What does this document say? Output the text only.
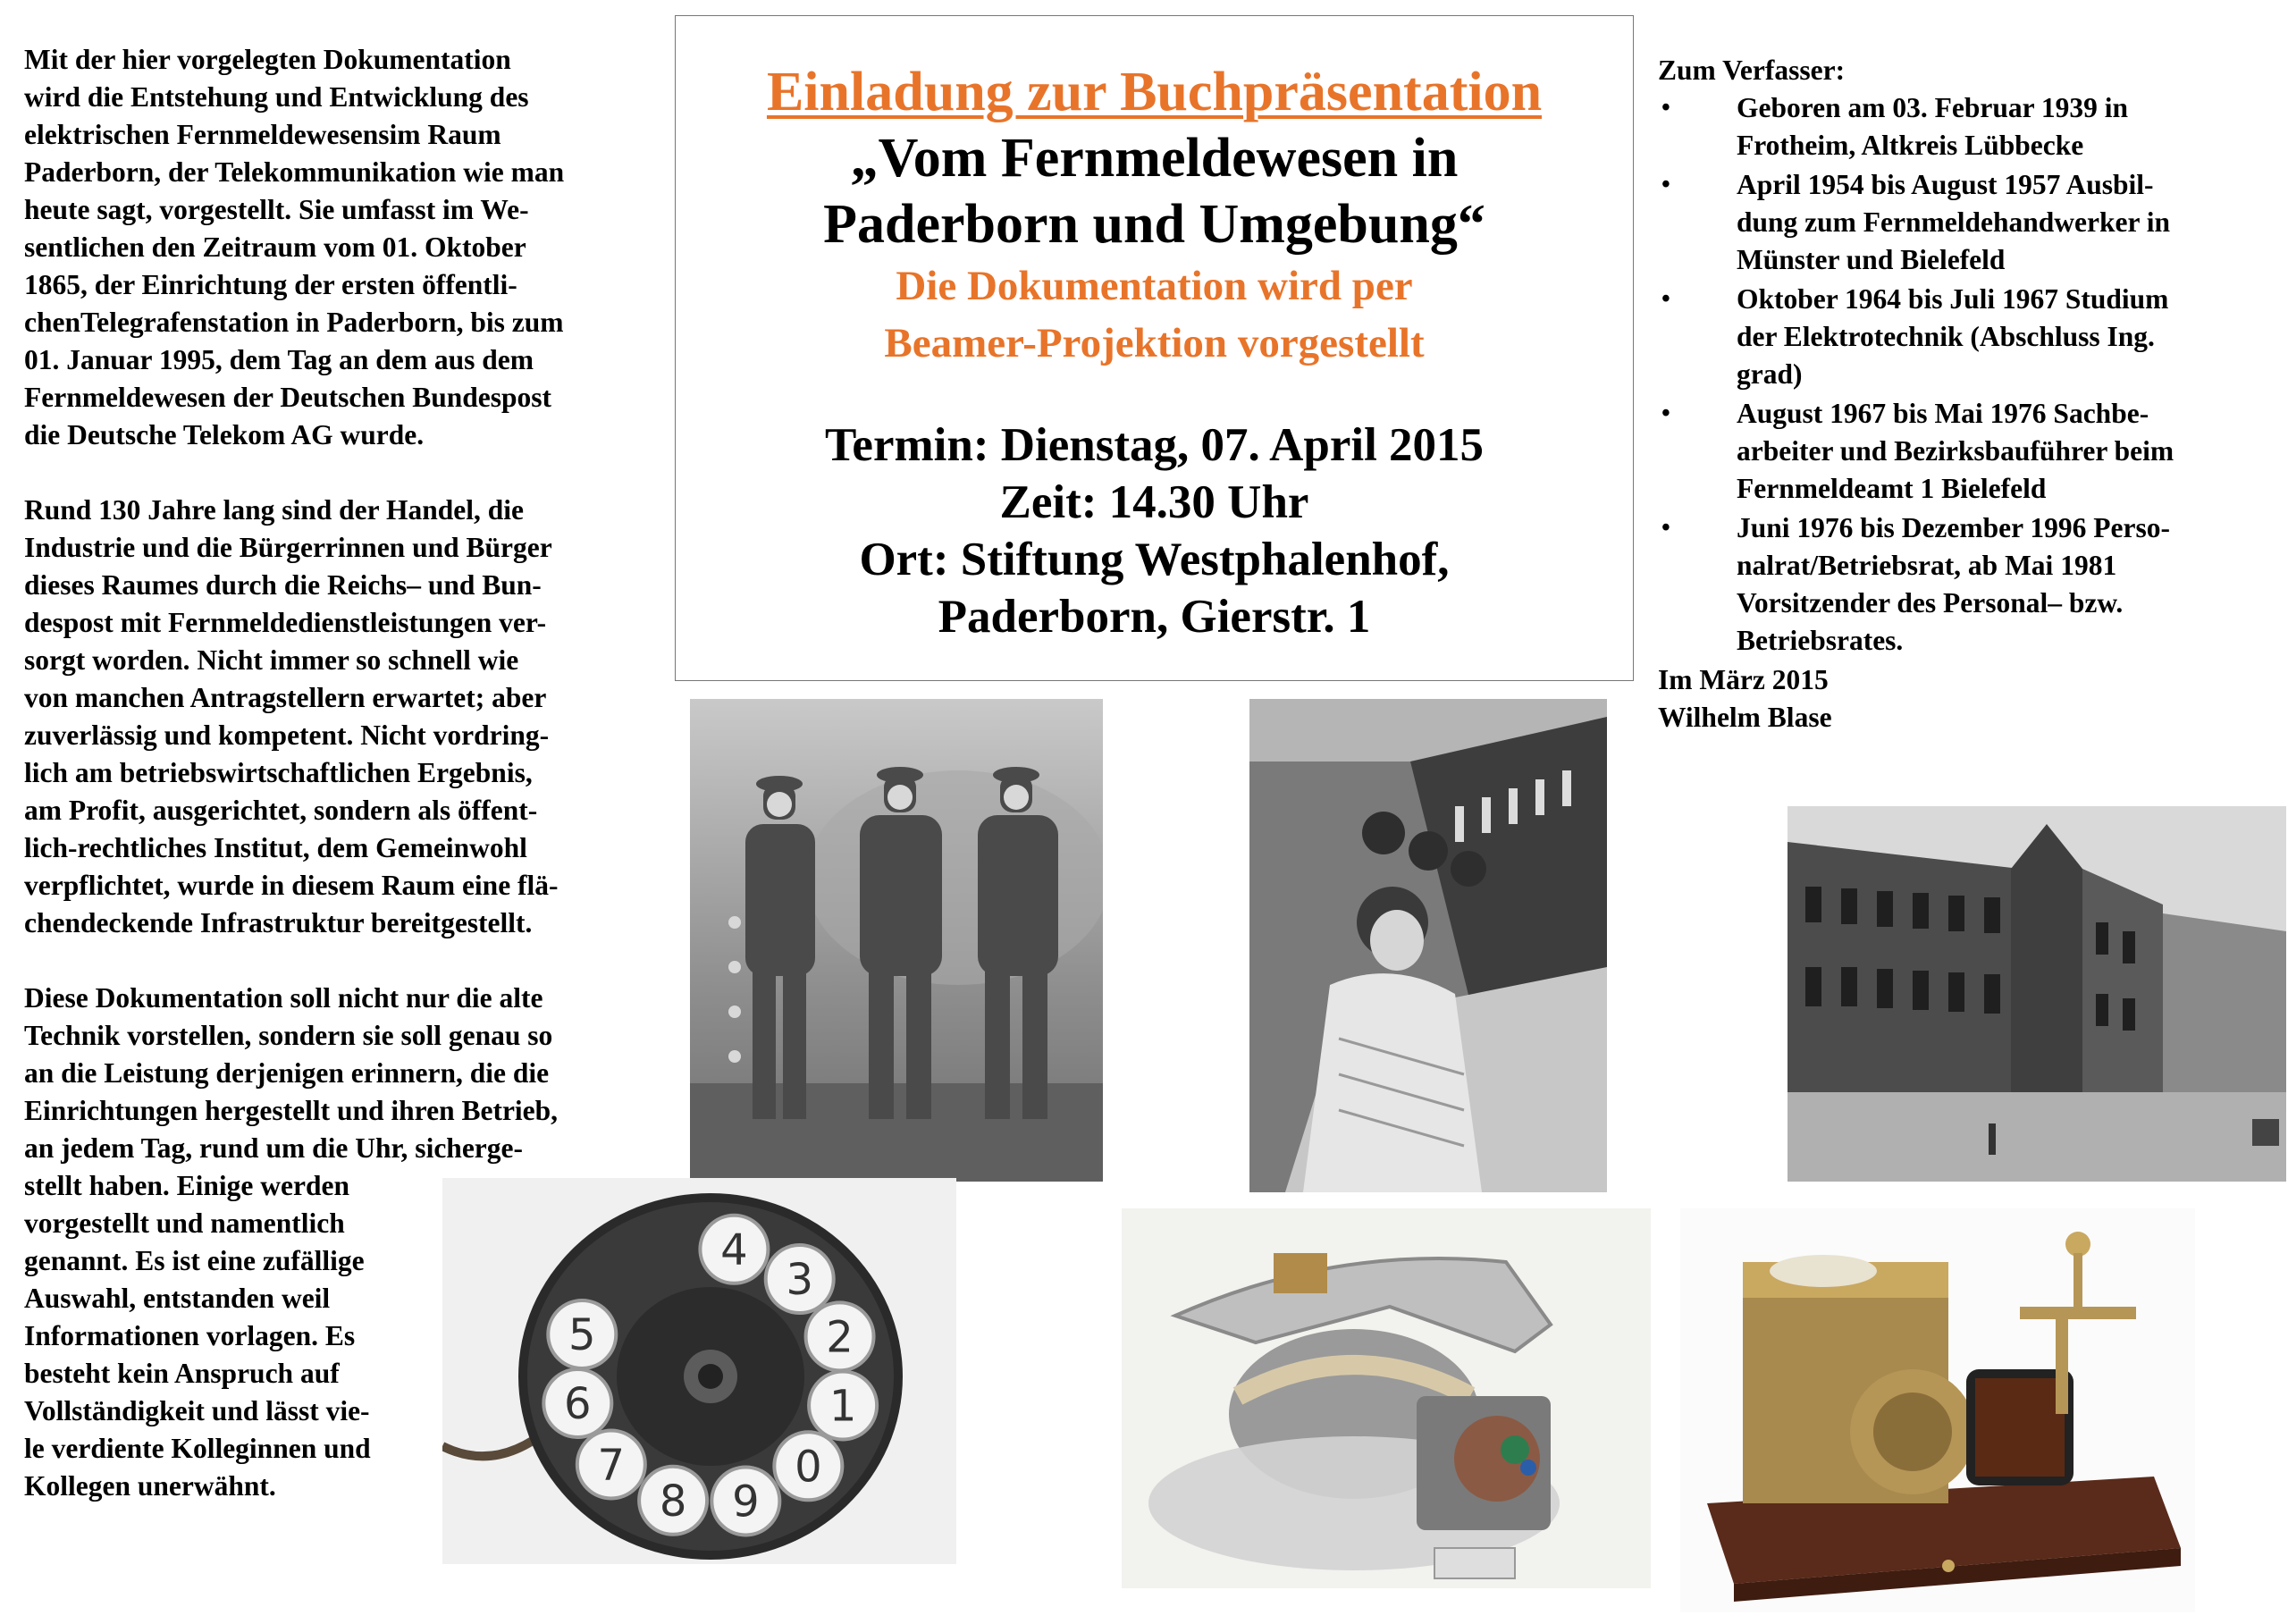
Mit der hier vorgelegten Dokumentation
wird die Entstehung und Entwicklung des
elektrischen Fernmeldewesensim Raum
Paderborn, der Telekommunikation wie man
heute sagt, vorgestellt. Sie umfasst im We-
sentlichen den Zeitraum vom 01. Oktober
1865, der Einrichtung der ersten öffentli-
chenTelegrafenstation in Paderborn, bis zum
01. Januar 1995, dem Tag an dem aus dem
Fernmeldewesen der Deutschen Bundespost
die Deutsche Telekom AG wurde.

Rund 130 Jahre lang sind der Handel, die
Industrie und die Bürgerrinnen und Bürger
dieses Raumes durch die Reichs– und Bun-
despost mit Fernmeldedienstleistungen ver-
sorgt worden. Nicht immer so schnell wie
von manchen Antragstellern erwartet; aber
zuverlässig und kompetent. Nicht vordring-
lich am betriebswirtschaftlichen Ergebnis,
am Profit, ausgerichtet, sondern als öffent-
lich-rechtliches Institut, dem Gemeinwohl
verpflichtet, wurde in diesem Raum eine flä-
chendeckende Infrastruktur bereitgestellt.

Diese Dokumentation soll nicht nur die alte
Technik vorstellen, sondern sie soll genau so
an die Leistung derjenigen erinnern, die die
Einrichtungen hergestellt und ihren Betrieb,
an jedem Tag, rund um die Uhr, sicherge-
stellt haben. Einige werden
vorgestellt und namentlich
genannt. Es ist eine zufällige
Auswahl, entstanden weil
Informationen vorlagen. Es
besteht kein Anspruch auf
Vollständigkeit und lässt vie-
le verdiente Kolleginnen und
Kollegen unerwähnt.

Einladung zur Buchpräsentation
„Vom Fernmeldewesen in
Paderborn und Umgebung“
Die Dokumentation wird per
Beamer-Projektion vorgestellt
Termin: Dienstag, 07. April 2015
Zeit: 14.30 Uhr
Ort: Stiftung Westphalenhof,
Paderborn, Gierstr. 1
Zum Verfasser:
• Geboren am 03. Februar 1939 in
Frotheim, Altkreis Lübbecke
• April 1954 bis August 1957 Ausbil-
dung zum Fernmeldehandwerker in
Münster und Bielefeld
• Oktober 1964 bis Juli 1967 Studium
der Elektrotechnik (Abschluss Ing.
grad)
• August 1967 bis Mai 1976 Sachbe-
arbeiter und Bezirksbauführer beim
Fernmeldeamt 1 Bielefeld
• Juni 1976 bis Dezember 1996 Perso-
nalrat/Betriebsrat, ab Mai 1981
Vorsitzender des Personal– bzw.
Betriebsrates.
Im März 2015
Wilhelm Blase
4
3
2
1
0
9
8
7
6
5
